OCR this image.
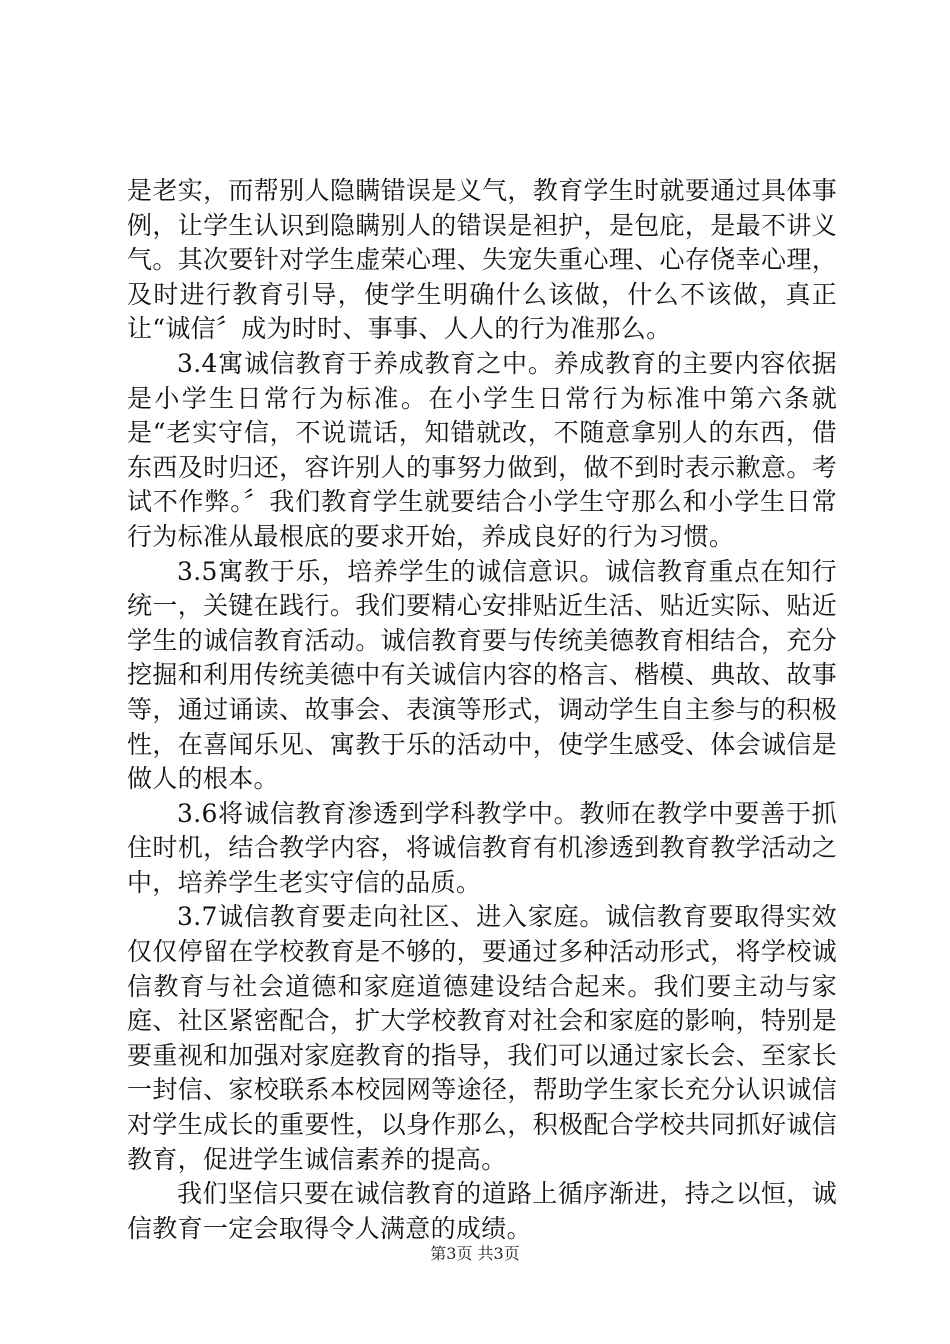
是老实，而帮别人隐瞒错误是义气，教育学生时就要通过具体事例，让学生认识到隐瞒别人的错误是袒护，是包庇，是最不讲义气。其次要针对学生虚荣心理、失宠失重心理、心存侥幸心理，及时进行教育引导，使学生明确什么该做，什么不该做，真正让“诚信〞成为时时、事事、人人的行为准那么。

3.4寓诚信教育于养成教育之中。养成教育的主要内容依据是小学生日常行为标准。在小学生日常行为标准中第六条就是“老实守信，不说谎话，知错就改，不随意拿别人的东西，借东西及时归还，容许别人的事努力做到，做不到时表示歉意。考试不作弊。〞我们教育学生就要结合小学生守那么和小学生日常行为标准从最根底的要求开始，养成良好的行为习惯。

3.5寓教于乐，培养学生的诚信意识。诚信教育重点在知行统一，关键在践行。我们要精心安排贴近生活、贴近实际、贴近学生的诚信教育活动。诚信教育要与传统美德教育相结合，充分挖掘和利用传统美德中有关诚信内容的格言、楷模、典故、故事等，通过诵读、故事会、表演等形式，调动学生自主参与的积极性，在喜闻乐见、寓教于乐的活动中，使学生感受、体会诚信是做人的根本。

3.6将诚信教育渗透到学科教学中。教师在教学中要善于抓住时机，结合教学内容，将诚信教育有机渗透到教育教学活动之中，培养学生老实守信的品质。

3.7诚信教育要走向社区、进入家庭。诚信教育要取得实效仅仅停留在学校教育是不够的，要通过多种活动形式，将学校诚信教育与社会道德和家庭道德建设结合起来。我们要主动与家庭、社区紧密配合，扩大学校教育对社会和家庭的影响，特别是要重视和加强对家庭教育的指导，我们可以通过家长会、至家长一封信、家校联系本校园网等途径，帮助学生家长充分认识诚信对学生成长的重要性，以身作那么，积极配合学校共同抓好诚信教育，促进学生诚信素养的提高。

我们坚信只要在诚信教育的道路上循序渐进，持之以恒，诚信教育一定会取得令人满意的成绩。

第3页 共3页
